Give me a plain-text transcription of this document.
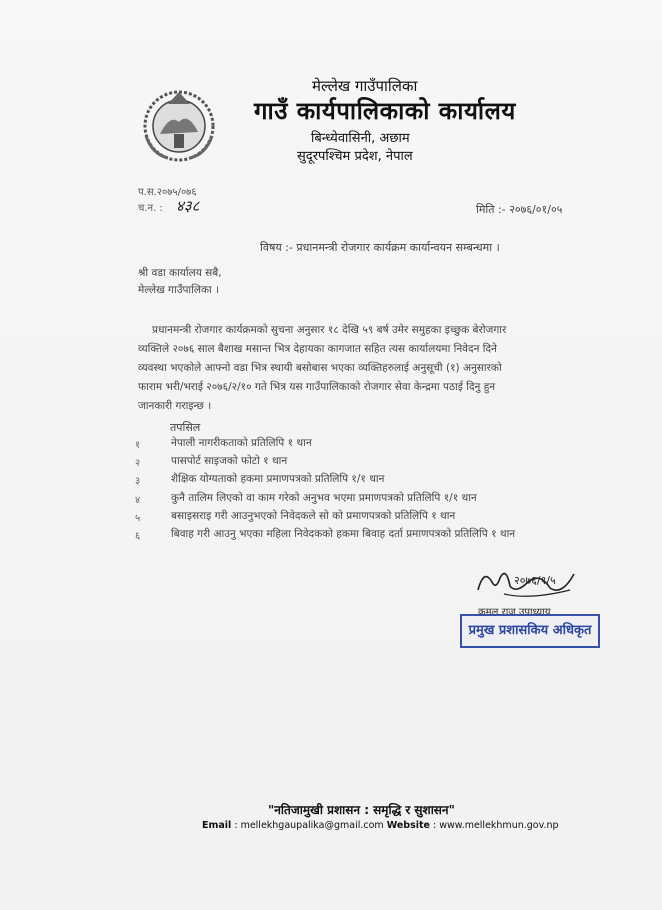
मेल्लेख गाउँपालिका
गाउँ कार्यपालिकाको कार्यालय
बिन्ध्येवासिनी, अछाम
सुदूरपश्चिम प्रदेश, नेपाल
प.स.२०७५/०७६
च.न. : ४३८	मिति :- २०७६/०१/०५
विषय :- प्रधानमन्त्री रोजगार कार्यक्रम कार्यान्वयन सम्बन्धमा ।
श्री वडा कार्यालय सबै,
मेल्लेख गाउँपालिका ।
प्रधानमन्त्री रोजगार कार्यक्रमको सुचना अनुसार १८ देखि ५९ बर्ष उमेर समुहका इच्छुक बेरोजगार
व्यक्तिले २०७६ साल बैशाख मसान्त भित्र देहायका कागजात सहित त्यस कार्यालयमा निवेदन दिने
व्यवस्था भएकोले आफ्नो वडा भित्र स्थायी बसोबास भएका व्यक्तिहरुलाई अनुसूची (१) अनुसारको
फाराम भरी/भराई २०७६/२/१० गते भित्र यस गाउँपालिकाको रोजगार सेवा केन्द्रमा पठाई दिनु हुन
जानकारी गराइन्छ ।
तपसिल
१	नेपाली नागरीकताको प्रतिलिपि १ थान
२	पासपोर्ट साइजको फोटो १ थान
३	शैक्षिक योग्यताको हकमा प्रमाणपत्रको प्रतिलिपि १/१ थान
४	कुनै तालिम लिएको वा काम गरेको अनुभव भएमा प्रमाणपत्रको प्रतिलिपि १/१ थान
५	बसाइसराइ गरी आउनुभएको निवेदकले सो को प्रमाणपत्रको प्रतिलिपि १ थान
६	बिवाह गरी आउनु भएका महिला निवेदकको हकमा बिवाह दर्ता प्रमाणपत्रको प्रतिलिपि १ थान
२०७६/१/५
कमल राज उपाध्याय
प्रमुख प्रशासकिय अधिकृत
"नतिजामुखी प्रशासन : समृद्धि र सुशासन"
Email : mellekhgaupalika@gmail.com Website : www.mellekhmun.gov.np
